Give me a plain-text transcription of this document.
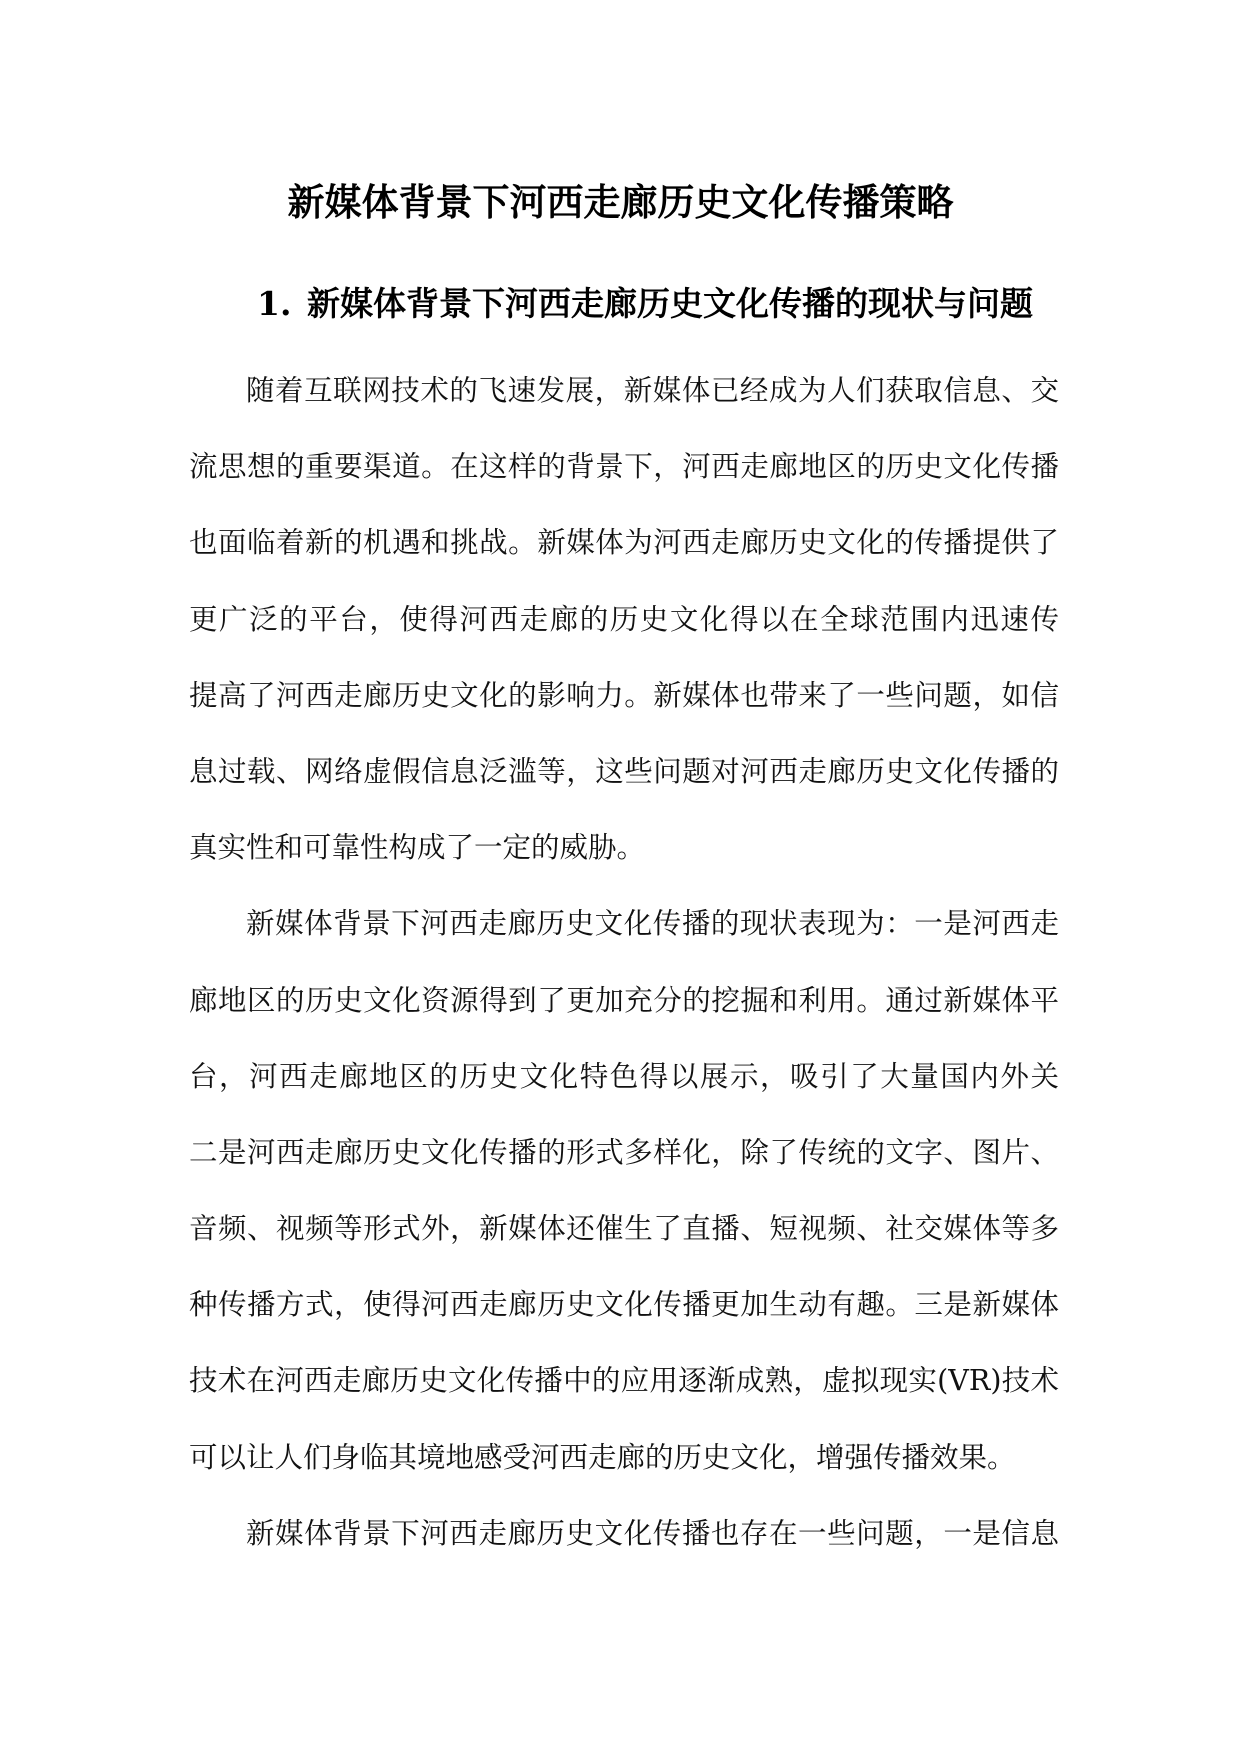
新媒体背景下河西走廊历史文化传播策略
1. 新媒体背景下河西走廊历史文化传播的现状与问题
随着互联网技术的飞速发展，新媒体已经成为人们获取信息、交
流思想的重要渠道。在这样的背景下，河西走廊地区的历史文化传播
也面临着新的机遇和挑战。新媒体为河西走廊历史文化的传播提供了
更广泛的平台，使得河西走廊的历史文化得以在全球范围内迅速传
提高了河西走廊历史文化的影响力。新媒体也带来了一些问题，如信
息过载、网络虚假信息泛滥等，这些问题对河西走廊历史文化传播的
真实性和可靠性构成了一定的威胁。
新媒体背景下河西走廊历史文化传播的现状表现为：一是河西走
廊地区的历史文化资源得到了更加充分的挖掘和利用。通过新媒体平
台，河西走廊地区的历史文化特色得以展示，吸引了大量国内外关
二是河西走廊历史文化传播的形式多样化，除了传统的文字、图片、
音频、视频等形式外，新媒体还催生了直播、短视频、社交媒体等多
种传播方式，使得河西走廊历史文化传播更加生动有趣。三是新媒体
技术在河西走廊历史文化传播中的应用逐渐成熟，虚拟现实(VR)技术
可以让人们身临其境地感受河西走廊的历史文化，增强传播效果。
新媒体背景下河西走廊历史文化传播也存在一些问题，一是信息
